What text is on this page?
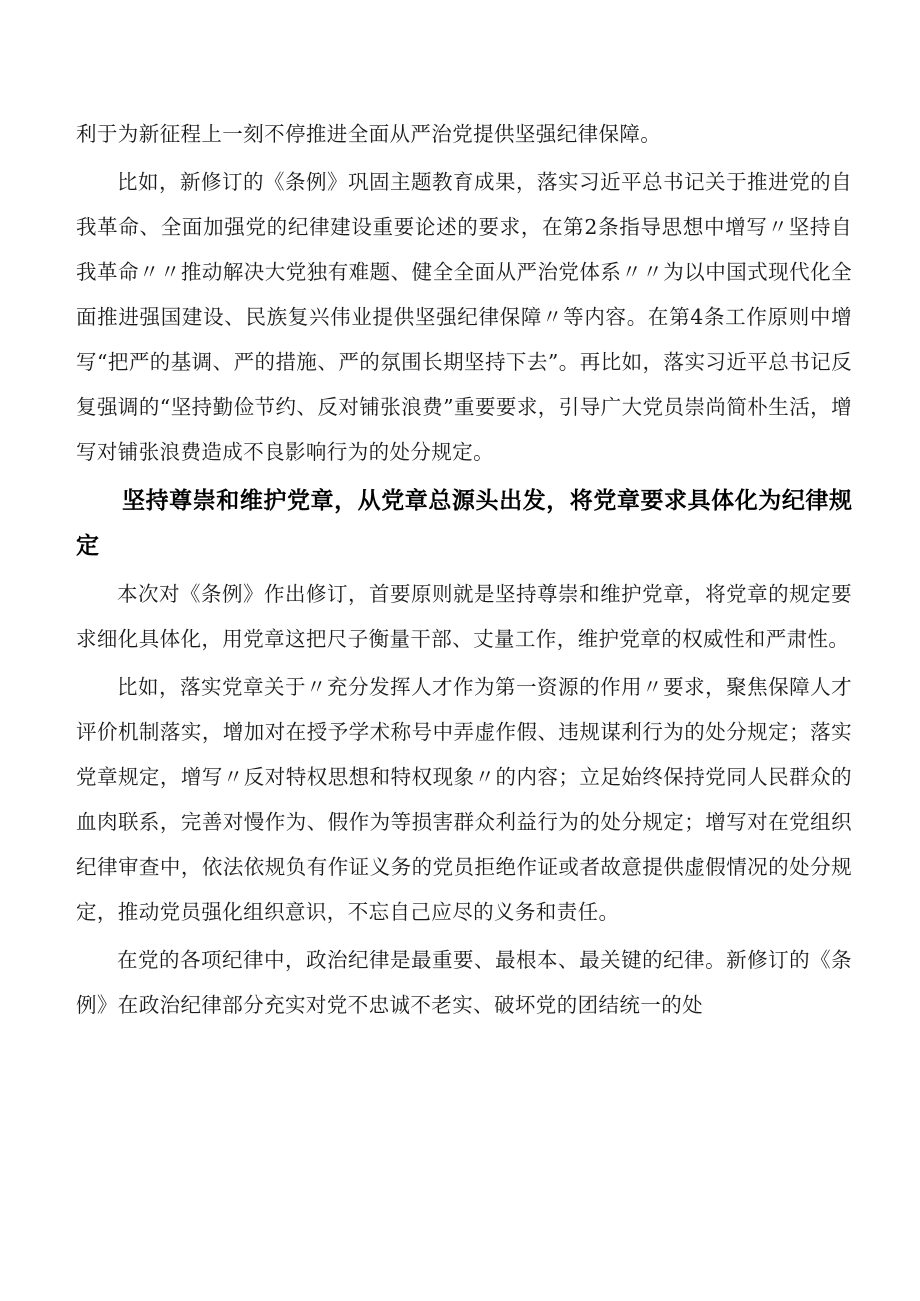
利于为新征程上一刻不停推进全面从严治党提供坚强纪律保障。

比如，新修订的《条例》巩固主题教育成果，落实习近平总书记关于推进党的自我革命、全面加强党的纪律建设重要论述的要求，在第2条指导思想中增写〃坚持自我革命〃〃推动解决大党独有难题、健全全面从严治党体系〃〃为以中国式现代化全面推进强国建设、民族复兴伟业提供坚强纪律保障〃等内容。在第4条工作原则中增写“把严的基调、严的措施、严的氛围长期坚持下去”。再比如，落实习近平总书记反复强调的“坚持勤俭节约、反对铺张浪费”重要要求，引导广大党员崇尚简朴生活，增写对铺张浪费造成不良影响行为的处分规定。

坚持尊崇和维护党章，从党章总源头出发，将党章要求具体化为纪律规定

本次对《条例》作出修订，首要原则就是坚持尊崇和维护党章，将党章的规定要求细化具体化，用党章这把尺子衡量干部、丈量工作，维护党章的权威性和严肃性。

比如，落实党章关于〃充分发挥人才作为第一资源的作用〃要求，聚焦保障人才评价机制落实，增加对在授予学术称号中弄虚作假、违规谋利行为的处分规定；落实党章规定，增写〃反对特权思想和特权现象〃的内容；立足始终保持党同人民群众的血肉联系，完善对慢作为、假作为等损害群众利益行为的处分规定；增写对在党组织纪律审查中，依法依规负有作证义务的党员拒绝作证或者故意提供虚假情况的处分规定，推动党员强化组织意识，不忘自己应尽的义务和责任。

在党的各项纪律中，政治纪律是最重要、最根本、最关键的纪律。新修订的《条例》在政治纪律部分充实对党不忠诚不老实、破坏党的团结统一的处
